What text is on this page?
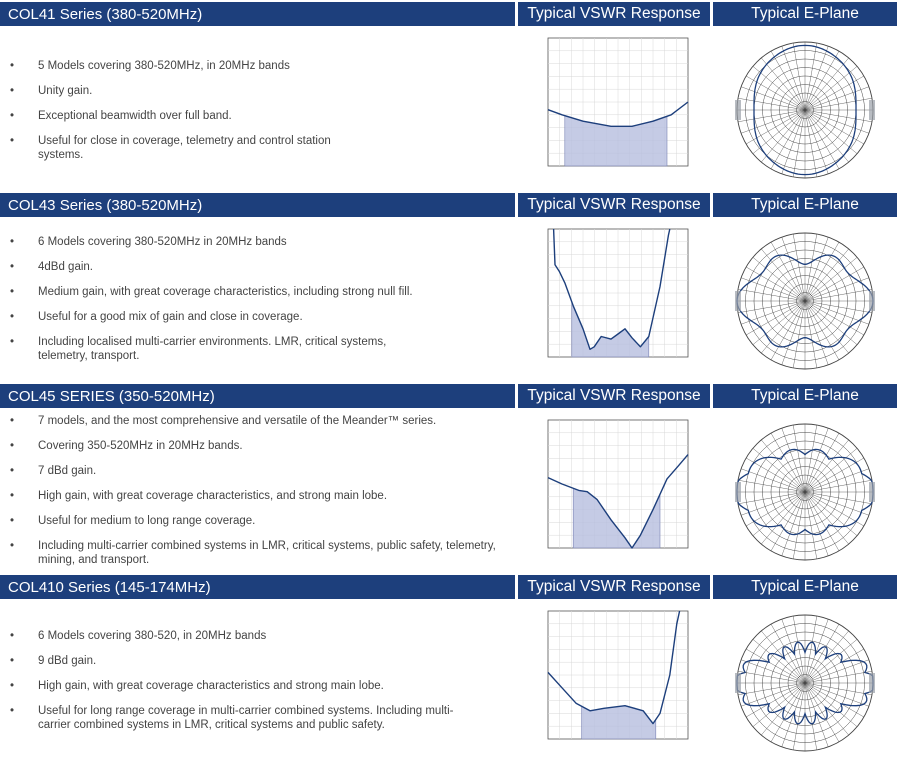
COL41 Series (380-520MHz)	Typical VSWR Response	Typical E-Plane
• 5 Models covering 380-520MHz, in 20MHz bands
• Unity gain.
• Exceptional beamwidth over full band.
• Useful for close in coverage, telemetry and control station systems.
COL43 Series (380-520MHz)	Typical VSWR Response	Typical E-Plane
• 6 Models covering 380-520MHz in 20MHz bands
• 4dBd gain.
• Medium gain, with great coverage characteristics, including strong null fill.
• Useful for a good mix of gain and close in coverage.
• Including localised multi-carrier environments. LMR, critical systems, telemetry, transport.
COL45 SERIES (350-520MHz)	Typical VSWR Response	Typical E-Plane
• 7 models, and the most comprehensive and versatile of the Meander™ series.
• Covering 350-520MHz in 20MHz bands.
• 7 dBd gain.
• High gain, with great coverage characteristics, and strong main lobe.
• Useful for medium to long range coverage.
• Including multi-carrier combined systems in LMR, critical systems, public safety, telemetry, mining, and transport.
COL410 Series (145-174MHz)	Typical VSWR Response	Typical E-Plane
• 6 Models covering 380-520, in 20MHz bands
• 9 dBd gain.
• High gain, with great coverage characteristics and strong main lobe.
• Useful for long range coverage in multi-carrier combined systems. Including multi-carrier combined systems in LMR, critical systems and public safety.
